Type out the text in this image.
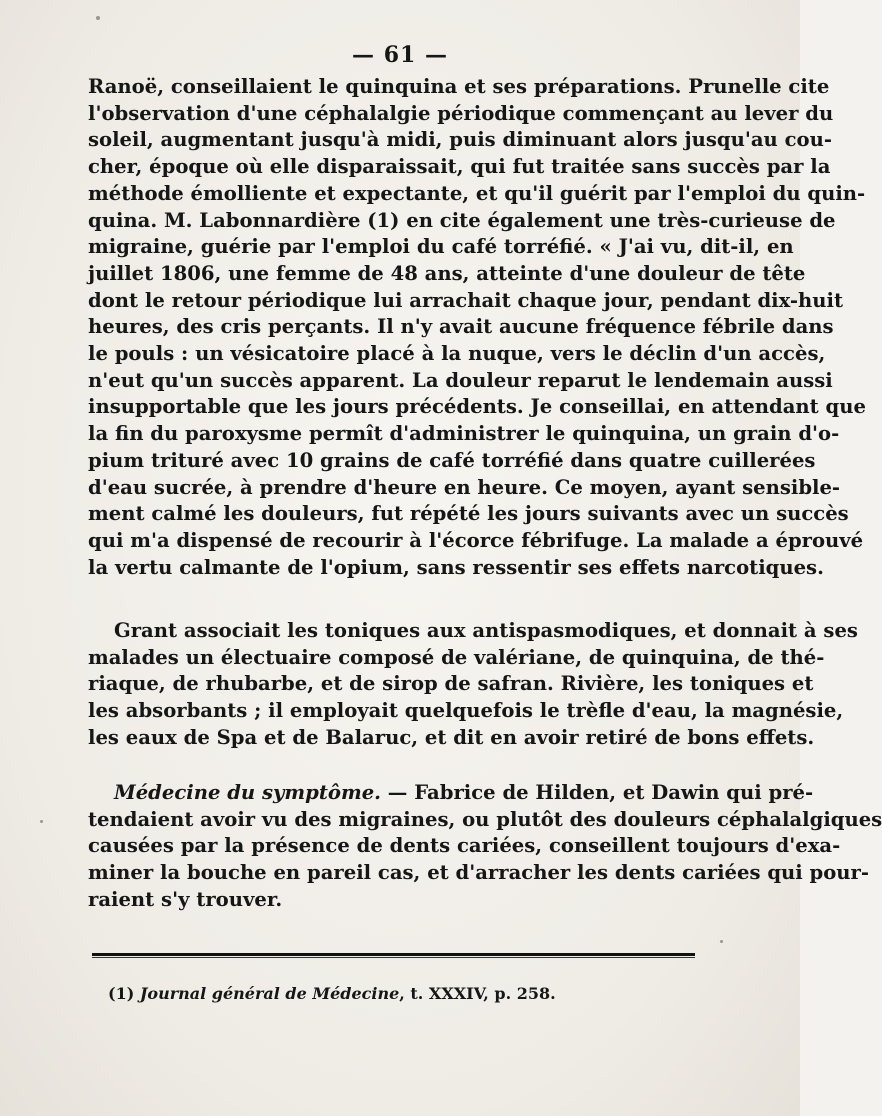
— 61 —
Ranoë, conseillaient le quinquina et ses préparations. Prunelle cite
l'observation d'une céphalalgie périodique commençant au lever du
soleil, augmentant jusqu'à midi, puis diminuant alors jusqu'au cou-
cher, époque où elle disparaissait, qui fut traitée sans succès par la
méthode émolliente et expectante, et qu'il guérit par l'emploi du quin-
quina. M. Labonnardière (1) en cite également une très-curieuse de
migraine, guérie par l'emploi du café torréfié. « J'ai vu, dit-il, en
juillet 1806, une femme de 48 ans, atteinte d'une douleur de tête
dont le retour périodique lui arrachait chaque jour, pendant dix-huit
heures, des cris perçants. Il n'y avait aucune fréquence fébrile dans
le pouls : un vésicatoire placé à la nuque, vers le déclin d'un accès,
n'eut qu'un succès apparent. La douleur reparut le lendemain aussi
insupportable que les jours précédents. Je conseillai, en attendant que
la fin du paroxysme permît d'administrer le quinquina, un grain d'o-
pium trituré avec 10 grains de café torréfié dans quatre cuillerées
d'eau sucrée, à prendre d'heure en heure. Ce moyen, ayant sensible-
ment calmé les douleurs, fut répété les jours suivants avec un succès
qui m'a dispensé de recourir à l'écorce fébrifuge. La malade a éprouvé
la vertu calmante de l'opium, sans ressentir ses effets narcotiques.
Grant associait les toniques aux antispasmodiques, et donnait à ses
malades un électuaire composé de valériane, de quinquina, de thé-
riaque, de rhubarbe, et de sirop de safran. Rivière, les toniques et
les absorbants ; il employait quelquefois le trèfle d'eau, la magnésie,
les eaux de Spa et de Balaruc, et dit en avoir retiré de bons effets.
Médecine du symptôme. — Fabrice de Hilden, et Dawin qui pré-
tendaient avoir vu des migraines, ou plutôt des douleurs céphalalgiques
causées par la présence de dents cariées, conseillent toujours d'exa-
miner la bouche en pareil cas, et d'arracher les dents cariées qui pour-
raient s'y trouver.
(1) Journal général de Médecine, t. XXXIV, p. 258.
